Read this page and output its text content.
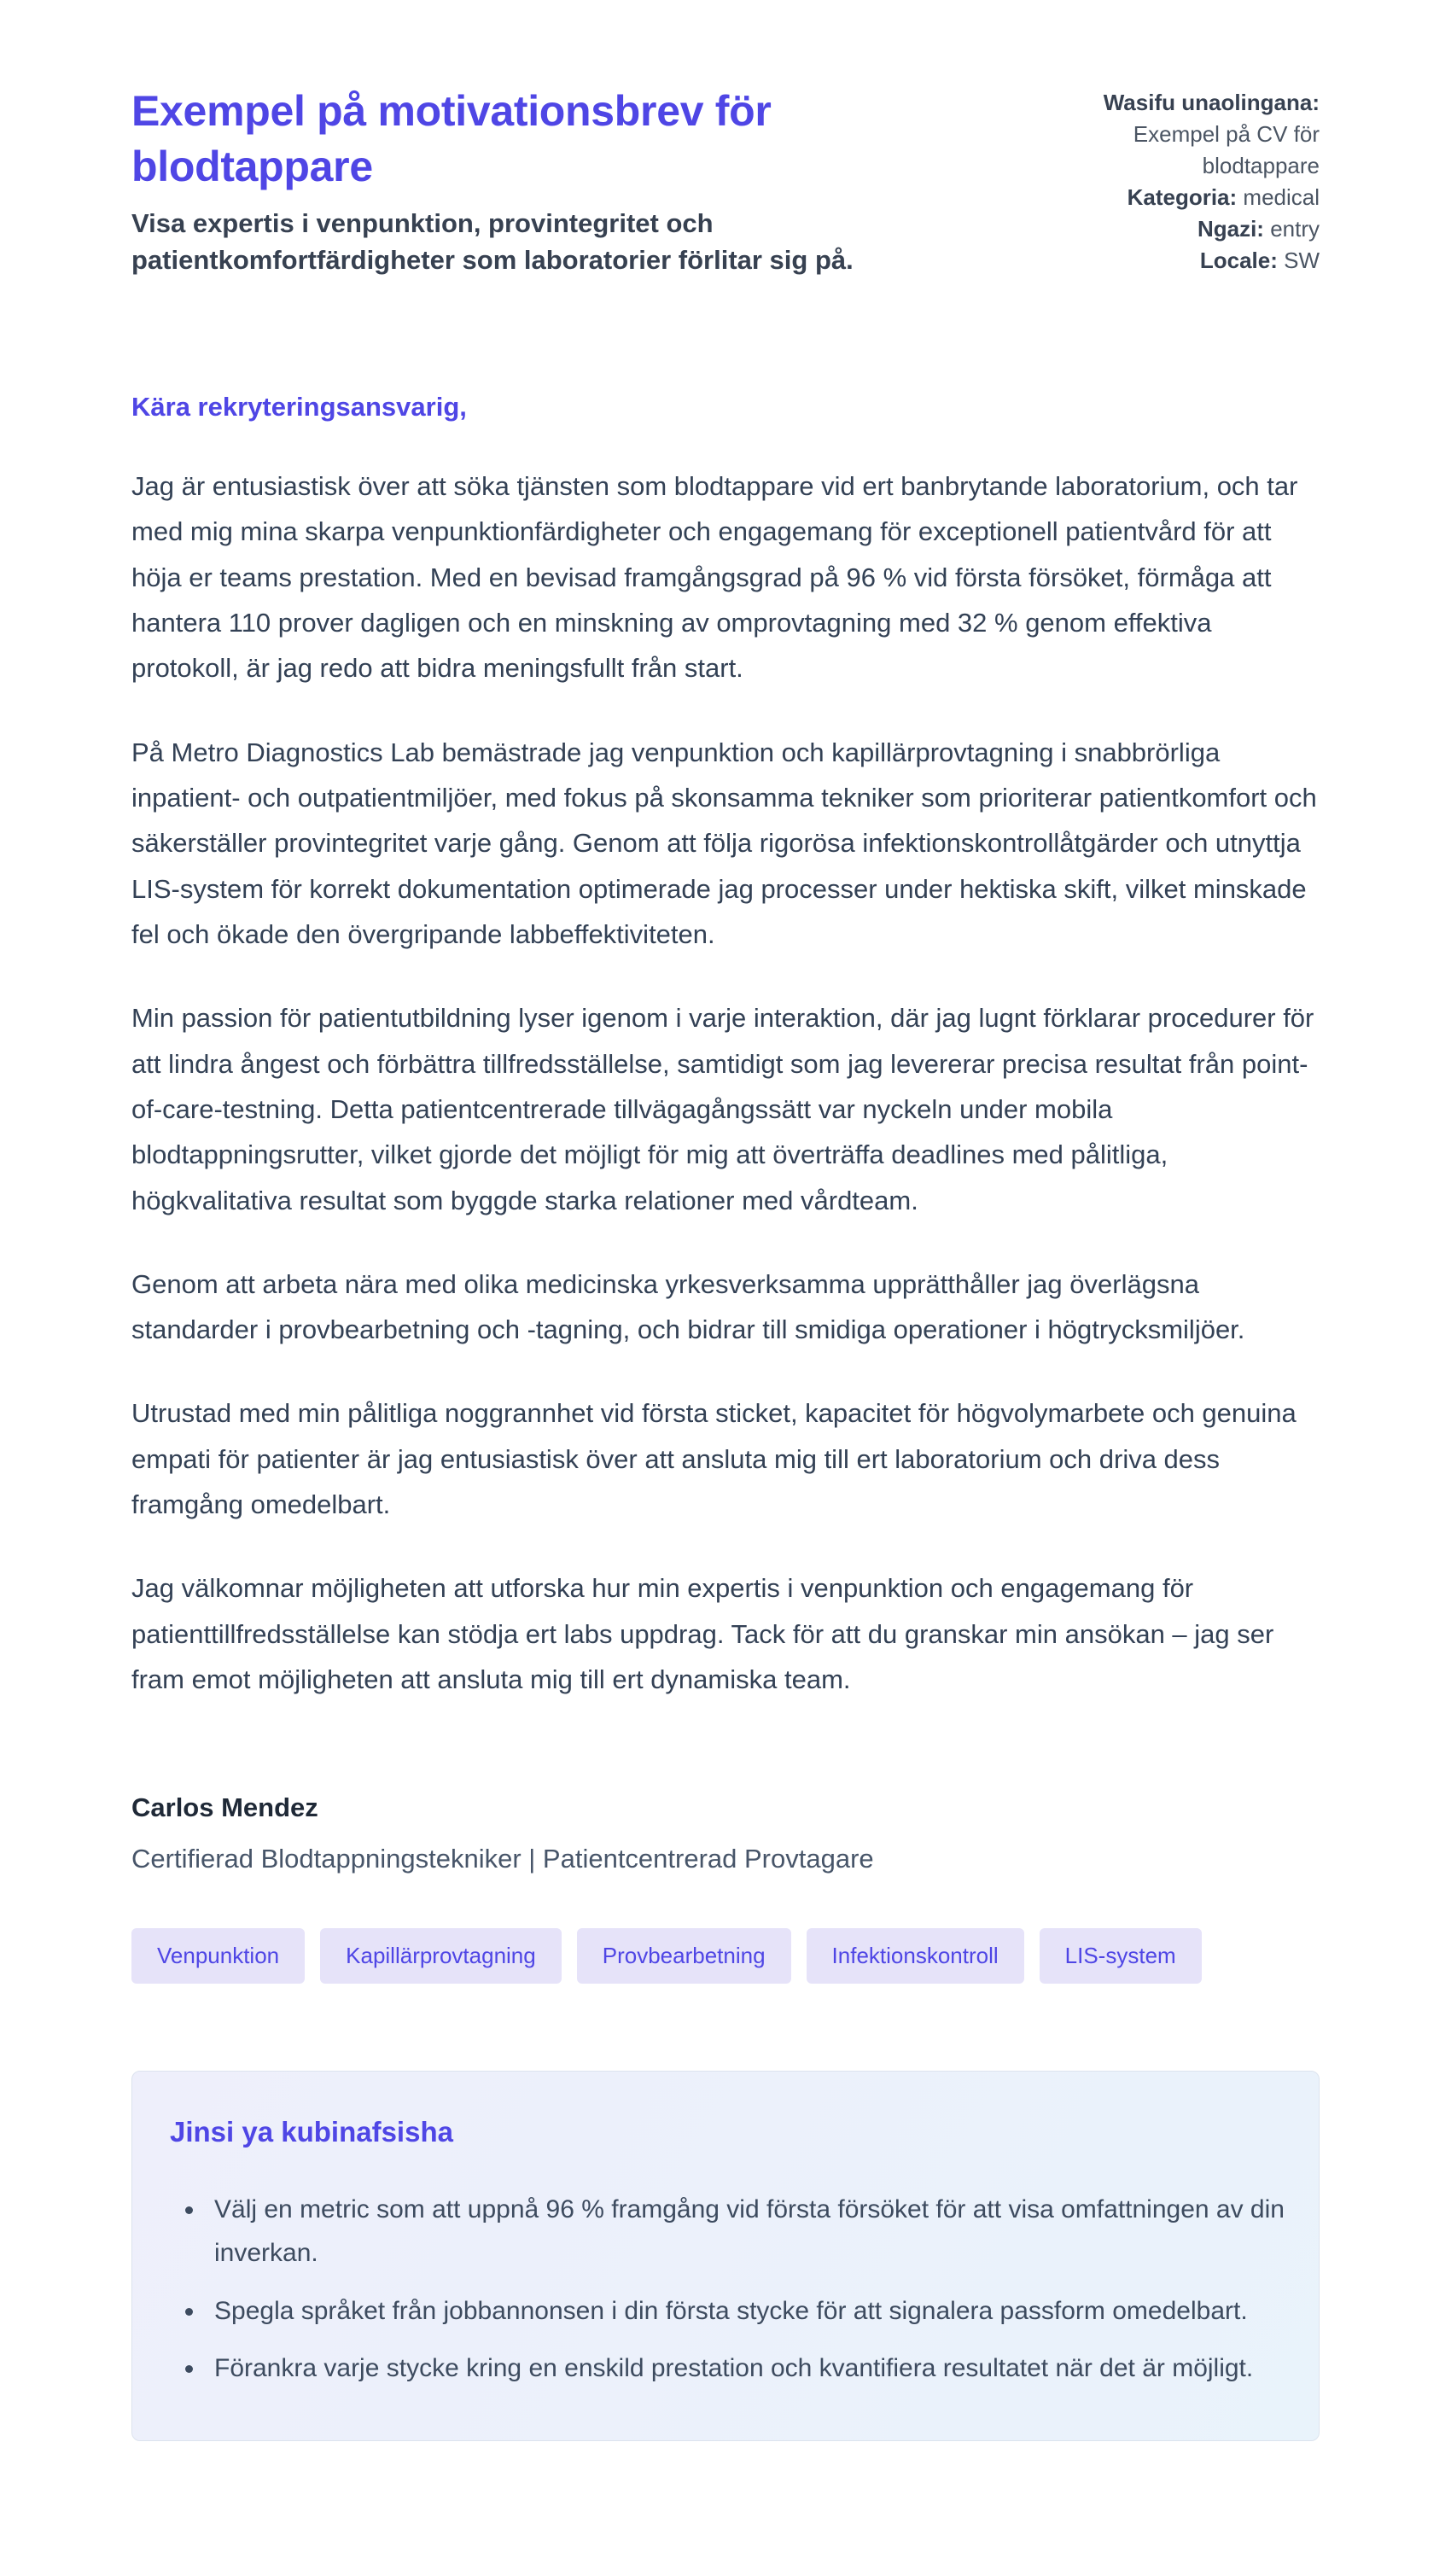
Exempel på motivationsbrev för blodtappare

Visa expertis i venpunktion, provintegritet och patientkomfortfärdigheter som laboratorier förlitar sig på.

Wasifu unaolingana: Exempel på CV för blodtappare
Kategoria: medical
Ngazi: entry
Locale: SW

Kära rekryteringsansvarig,

Jag är entusiastisk över att söka tjänsten som blodtappare vid ert banbrytande laboratorium, och tar med mig mina skarpa venpunktionfärdigheter och engagemang för exceptionell patientvård för att höja er teams prestation. Med en bevisad framgångsgrad på 96 % vid första försöket, förmåga att hantera 110 prover dagligen och en minskning av omprovtagning med 32 % genom effektiva protokoll, är jag redo att bidra meningsfullt från start.

På Metro Diagnostics Lab bemästrade jag venpunktion och kapillärprovtagning i snabbrörliga inpatient- och outpatientmiljöer, med fokus på skonsamma tekniker som prioriterar patientkomfort och säkerställer provintegritet varje gång. Genom att följa rigorösa infektionskontrollåtgärder och utnyttja LIS-system för korrekt dokumentation optimerade jag processer under hektiska skift, vilket minskade fel och ökade den övergripande labbeffektiviteten.

Min passion för patientutbildning lyser igenom i varje interaktion, där jag lugnt förklarar procedurer för att lindra ångest och förbättra tillfredsställelse, samtidigt som jag levererar precisa resultat från point-of-care-testning. Detta patientcentrerade tillvägagångssätt var nyckeln under mobila blodtappningsrutter, vilket gjorde det möjligt för mig att överträffa deadlines med pålitliga, högkvalitativa resultat som byggde starka relationer med vårdteam.

Genom att arbeta nära med olika medicinska yrkesverksamma upprätthåller jag överlägsna standarder i provbearbetning och -tagning, och bidrar till smidiga operationer i högtrycksmiljöer.

Utrustad med min pålitliga noggrannhet vid första sticket, kapacitet för högvolymarbete och genuina empati för patienter är jag entusiastisk över att ansluta mig till ert laboratorium och driva dess framgång omedelbart.

Jag välkomnar möjligheten att utforska hur min expertis i venpunktion och engagemang för patienttillfredsställelse kan stödja ert labs uppdrag. Tack för att du granskar min ansökan – jag ser fram emot möjligheten att ansluta mig till ert dynamiska team.

Carlos Mendez

Certifierad Blodtappningstekniker | Patientcentrerad Provtagare

Venpunktion	Kapillärprovtagning	Provbearbetning	Infektionskontroll	LIS-system
Jinsi ya kubinafsisha
• Välj en metric som att uppnå 96 % framgång vid första försöket för att visa omfattningen av din inverkan.
• Spegla språket från jobbannonsen i din första stycke för att signalera passform omedelbart.
• Förankra varje stycke kring en enskild prestation och kvantifiera resultatet när det är möjligt.
